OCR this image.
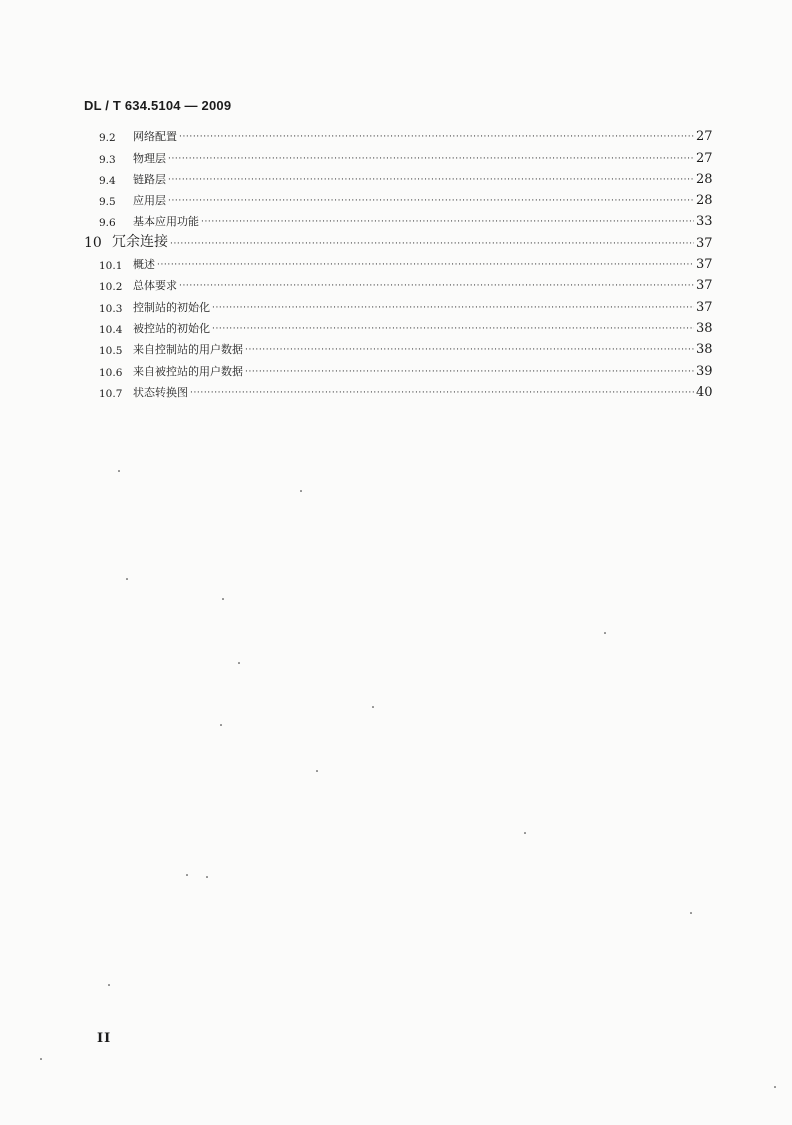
DL / T 634.5104 — 2009
9.2	网络配置 ·····	27
9.3	物理层 ·····	27
9.4	链路层 ·····	28
9.5	应用层 ·····	28
9.6	基本应用功能 ·····	33
10 冗余连接 ·····	37
10.1 概述 ·····	37
10.2 总体要求 ·····	37
10.3 控制站的初始化 ·····	37
10.4 被控站的初始化 ·····	38
10.5 来自控制站的用户数据 ·····	38
10.6 来自被控站的用户数据 ·····	39
10.7 状态转换图 ·····	40
II
